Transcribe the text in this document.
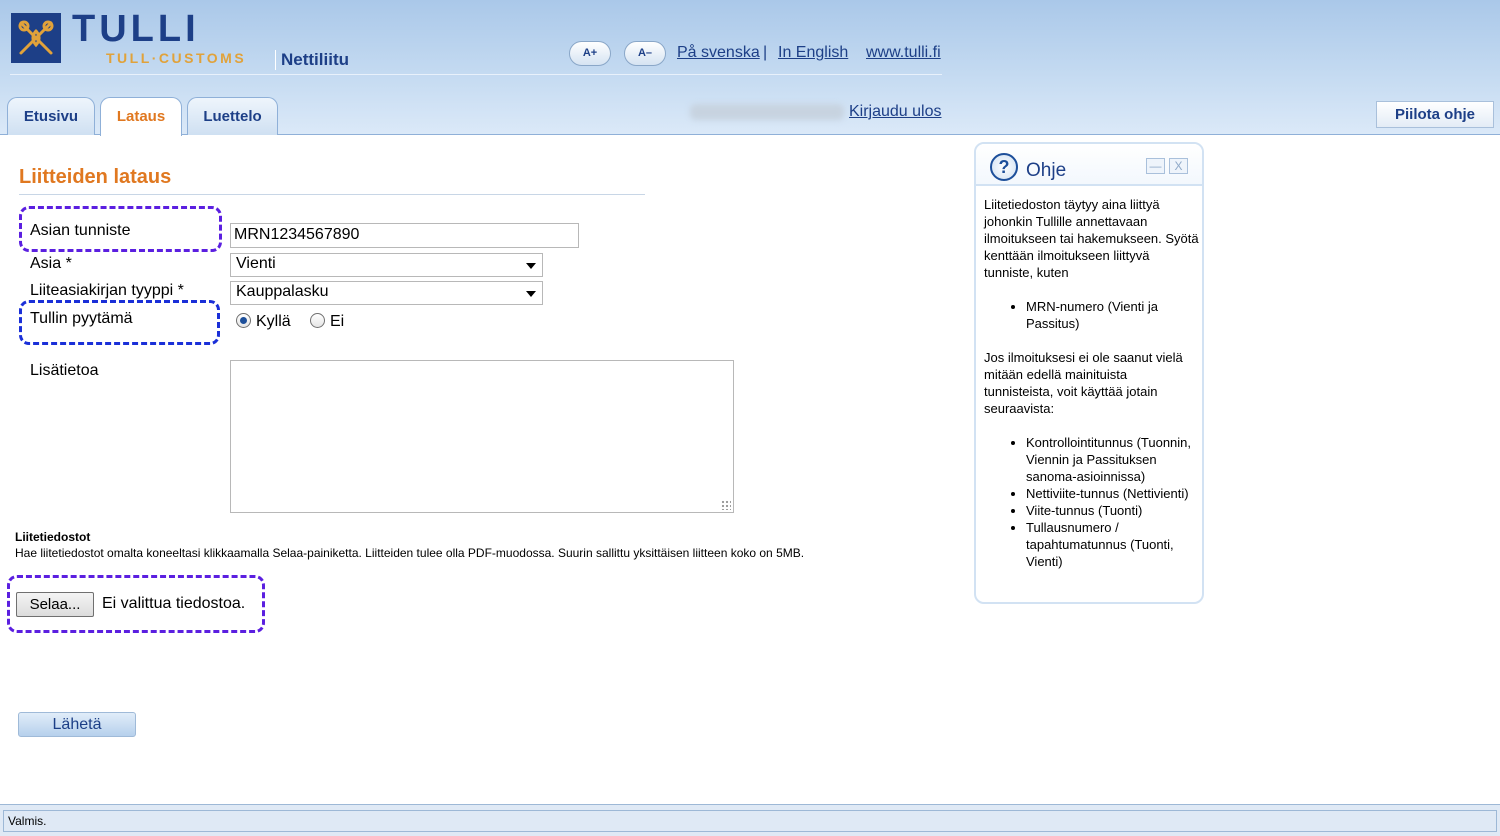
TULLI
TULL·CUSTOMS	Nettiliitu	A+	A–	På svenska | In English www.tulli.fi
Etusivu	Lataus	Luettelo	Kirjaudu ulos	Piilota ohje
Liitteiden lataus
Asian tunniste	MRN1234567890
Asia *	Vienti
Liiteasiakirjan tyyppi *	Kauppalasku
Tullin pyytämä	Kyllä Ei
Lisätietoa
Liitetiedostot
Hae liitetiedostot omalta koneeltasi klikkaamalla Selaa-painiketta. Liitteiden tulee olla PDF-muodossa. Suurin sallittu yksittäisen liitteen koko on 5MB.
Selaa...	Ei valittua tiedostoa.
Lähetä
? Ohje	—	X

Liitetiedoston täytyy aina liittyä johonkin Tullille annettavaan ilmoitukseen tai hakemukseen. Syötä kenttään ilmoitukseen liittyvä tunniste, kuten

• MRN-numero (Vienti ja Passitus)

Jos ilmoituksesi ei ole saanut vielä mitään edellä mainituista tunnisteista, voit käyttää jotain seuraavista:

• Kontrollointitunnus (Tuonnin, Viennin ja Passituksen sanoma-asioinnissa)
• Nettiviite-tunnus (Nettivienti)
• Viite-tunnus (Tuonti)
• Tullausnumero / tapahtumatunnus (Tuonti, Vienti)
Valmis.
